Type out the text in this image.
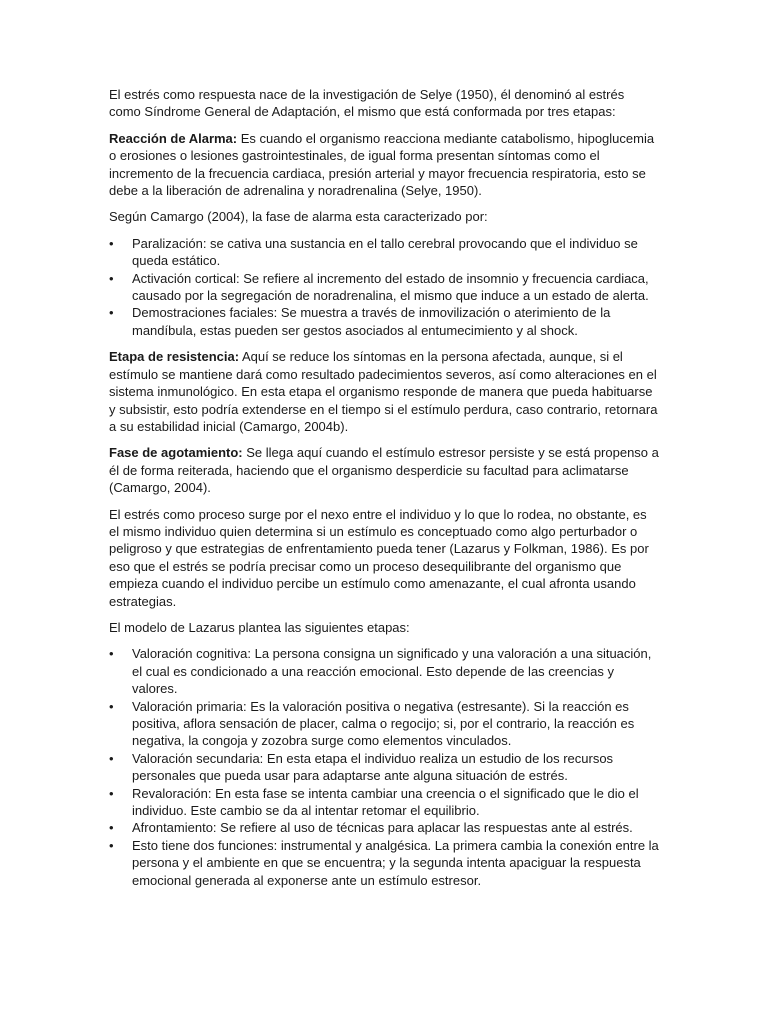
El estrés como respuesta nace de la investigación de Selye (1950), él denominó al estrés como Síndrome General de Adaptación, el mismo que está conformada por tres etapas:

Reacción de Alarma: Es cuando el organismo reacciona mediante catabolismo, hipoglucemia o erosiones o lesiones gastrointestinales, de igual forma presentan síntomas como el incremento de la frecuencia cardiaca, presión arterial y mayor frecuencia respiratoria, esto se debe a la liberación de adrenalina y noradrenalina (Selye, 1950).

Según Camargo (2004), la fase de alarma esta caracterizado por:

• Paralización: se cativa una sustancia en el tallo cerebral provocando que el individuo se queda estático.
• Activación cortical: Se refiere al incremento del estado de insomnio y frecuencia cardiaca, causado por la segregación de noradrenalina, el mismo que induce a un estado de alerta.
• Demostraciones faciales: Se muestra a través de inmovilización o aterimiento de la mandíbula, estas pueden ser gestos asociados al entumecimiento y al shock.

Etapa de resistencia: Aquí se reduce los síntomas en la persona afectada, aunque, si el estímulo se mantiene dará como resultado padecimientos severos, así como alteraciones en el sistema inmunológico. En esta etapa el organismo responde de manera que pueda habituarse y subsistir, esto podría extenderse en el tiempo si el estímulo perdura, caso contrario, retornara a su estabilidad inicial (Camargo, 2004b).

Fase de agotamiento: Se llega aquí cuando el estímulo estresor persiste y se está propenso a él de forma reiterada, haciendo que el organismo desperdicie su facultad para aclimatarse (Camargo, 2004).

El estrés como proceso surge por el nexo entre el individuo y lo que lo rodea, no obstante, es el mismo individuo quien determina si un estímulo es conceptuado como algo perturbador o peligroso y que estrategias de enfrentamiento pueda tener (Lazarus y Folkman, 1986). Es por eso que el estrés se podría precisar como un proceso desequilibrante del organismo que empieza cuando el individuo percibe un estímulo como amenazante, el cual afronta usando estrategias.

El modelo de Lazarus plantea las siguientes etapas:

• Valoración cognitiva: La persona consigna un significado y una valoración a una situación, el cual es condicionado a una reacción emocional. Esto depende de las creencias y valores.
• Valoración primaria: Es la valoración positiva o negativa (estresante). Si la reacción es positiva, aflora sensación de placer, calma o regocijo; si, por el contrario, la reacción es negativa, la congoja y zozobra surge como elementos vinculados.
• Valoración secundaria: En esta etapa el individuo realiza un estudio de los recursos personales que pueda usar para adaptarse ante alguna situación de estrés.
• Revaloración: En esta fase se intenta cambiar una creencia o el significado que le dio el individuo. Este cambio se da al intentar retomar el equilibrio.
• Afrontamiento: Se refiere al uso de técnicas para aplacar las respuestas ante al estrés.
• Esto tiene dos funciones: instrumental y analgésica. La primera cambia la conexión entre la persona y el ambiente en que se encuentra; y la segunda intenta apaciguar la respuesta emocional generada al exponerse ante un estímulo estresor.
